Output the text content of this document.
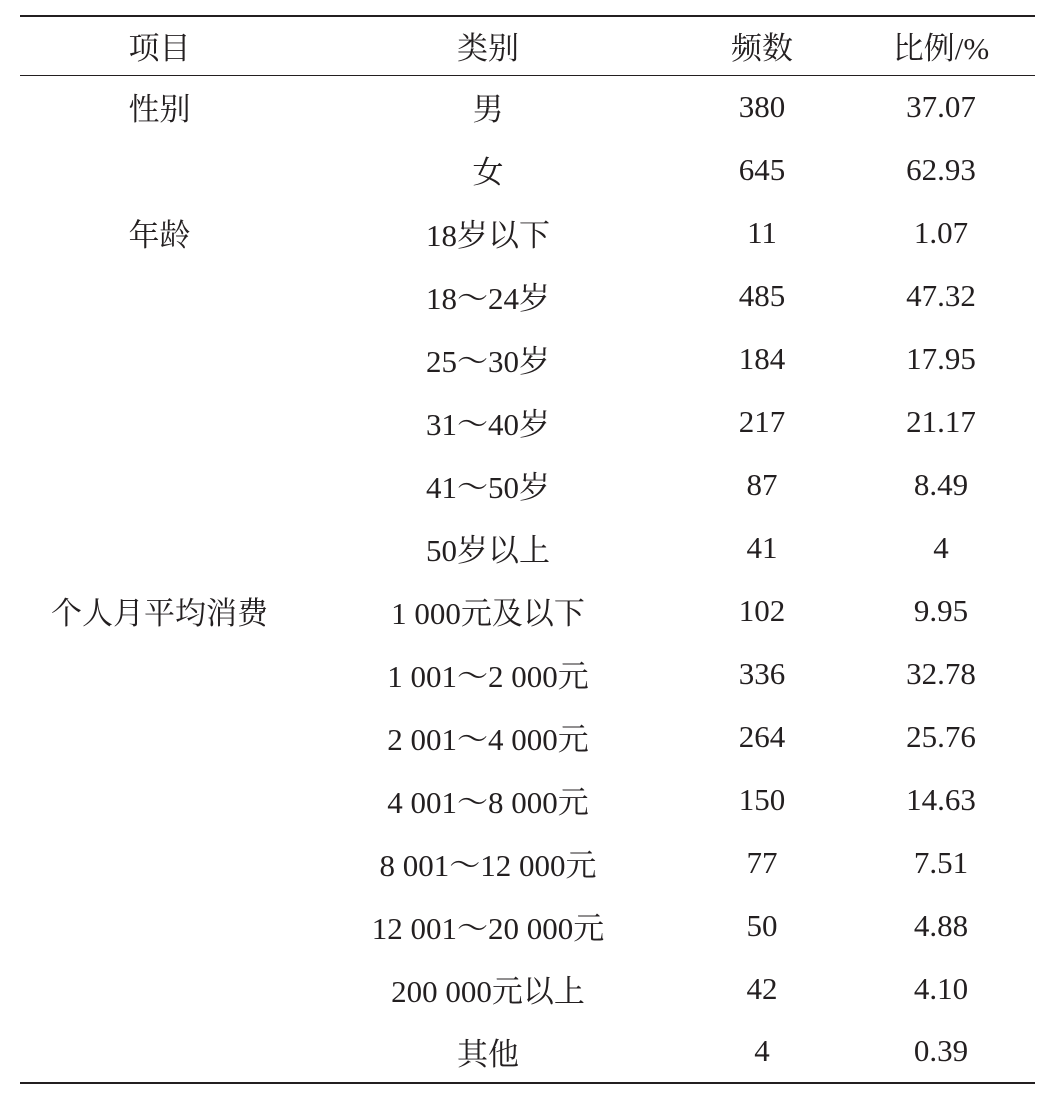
项目	类别	频数	比例/%
性别	男	380	37.07
	女	645	62.93
年龄	18岁以下	11	1.07
	18～24岁	485	47.32
	25～30岁	184	17.95
	31～40岁	217	21.17
	41～50岁	87	8.49
	50岁以上	41	4
个人月平均消费	1 000元及以下	102	9.95
	1 001～2 000元	336	32.78
	2 001～4 000元	264	25.76
	4 001～8 000元	150	14.63
	8 001～12 000元	77	7.51
	12 001～20 000元	50	4.88
	200 000元以上	42	4.10
	其他	4	0.39
